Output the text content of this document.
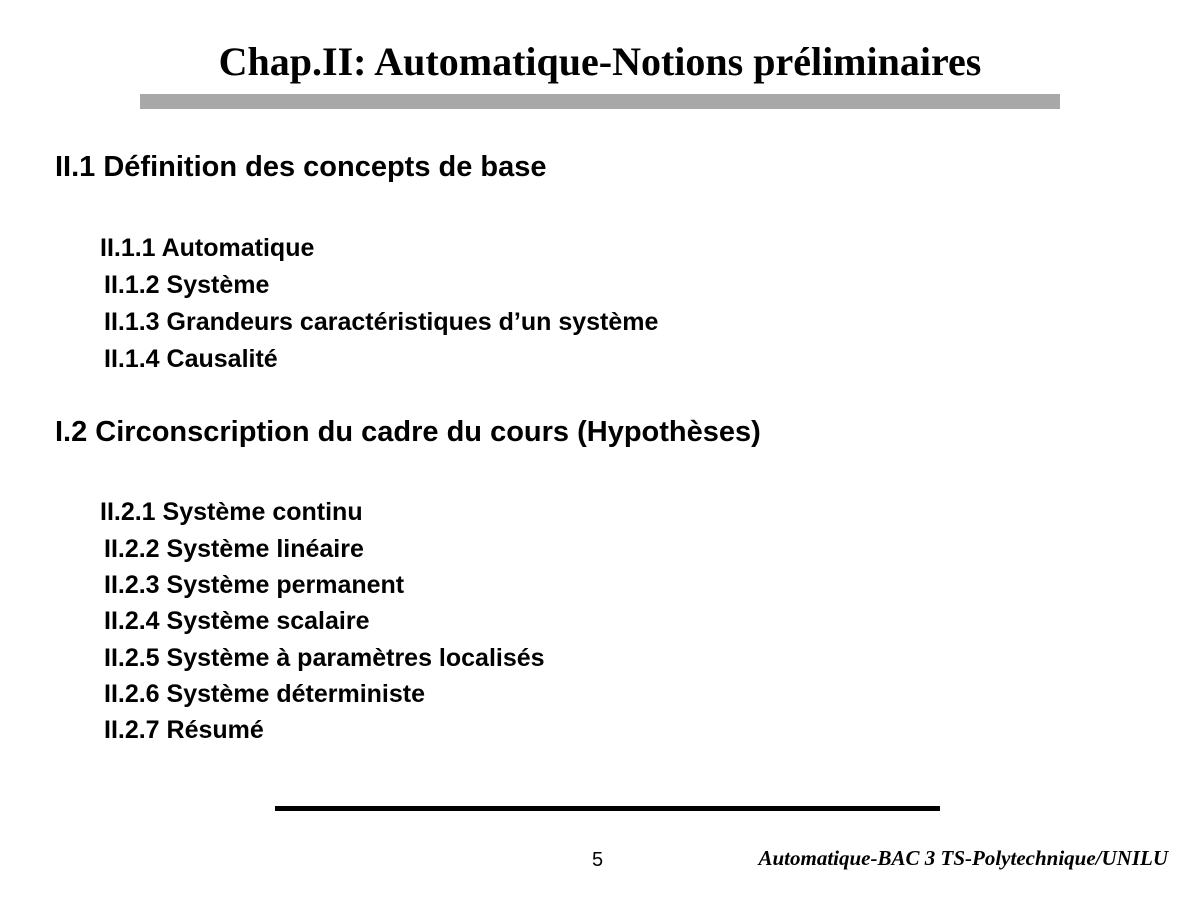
Chap.II: Automatique-Notions préliminaires
II.1 Définition des concepts de base
II.1.1 Automatique
II.1.2 Système
II.1.3 Grandeurs caractéristiques d’un système
II.1.4 Causalité
I.2 Circonscription du cadre du cours (Hypothèses)
II.2.1 Système continu
II.2.2 Système linéaire
II.2.3 Système permanent
II.2.4 Système scalaire
II.2.5 Système à paramètres localisés
II.2.6 Système déterministe
II.2.7 Résumé
5	Automatique-BAC 3 TS-Polytechnique/UNILU
